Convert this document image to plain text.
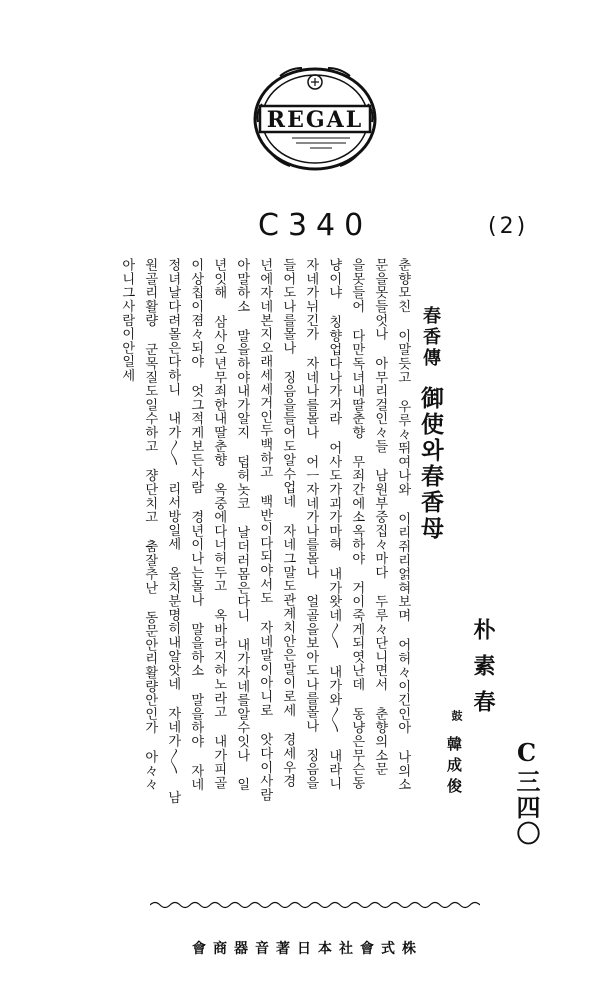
REGAL
C340	(2)
C三四〇
朴素春
鼓
韓成俊
春香傳
御使와春香母
춘향모친 이말듯고 우루々뛰여나와 이리쥐리얽혀보며 어허々이긴인아 나의소
문을못들엇나 아무리걸인々들 남원부중집々마다 두루々단니면서 춘향의소문
을못들어 다만독녀내딸춘향 무죄간에소옥하야 거이죽게되엿난데 동냥은무슨동
냥이냐 칭향업다나가거라 어사도가괴가마혀 내가왓네〳〵 내가와〳〵 내라니
자네가뉘긴가 자네나를몰나 어ㅡ자네가나를몰나 얼골을보아도나를몰나 징음을
들어도나를몰나 징음을들어도알수업네 자네그말도관계치안은말이로세 경세우경
넌에자네본지오래세세거인두백하고 백반이다되야서도 자네말이아니로 앗다이사람
아말하소 말을하야내가알지 덥허놋코 날더러몸은다니 내가자네를알수잇나 일
년잇해 삼사오년무죄한내딸춘향 옥중에다너허두고 옥바라지하노라고 내가피골
이상칩이졈々되야 엇그적게보든사람 경년이나는몰나 말을하소 말을하야 자네
정녀날다려몰은다하니 내가〳〵 리서방일세 올치분명히내알앗네 자네가〳〵 남
원골리활량 군목질도일수하고 쟝단치고 춤잘추난 동문안리활량안인가 아々々
아니그사람이안일세
會商器音著日本社會式株
